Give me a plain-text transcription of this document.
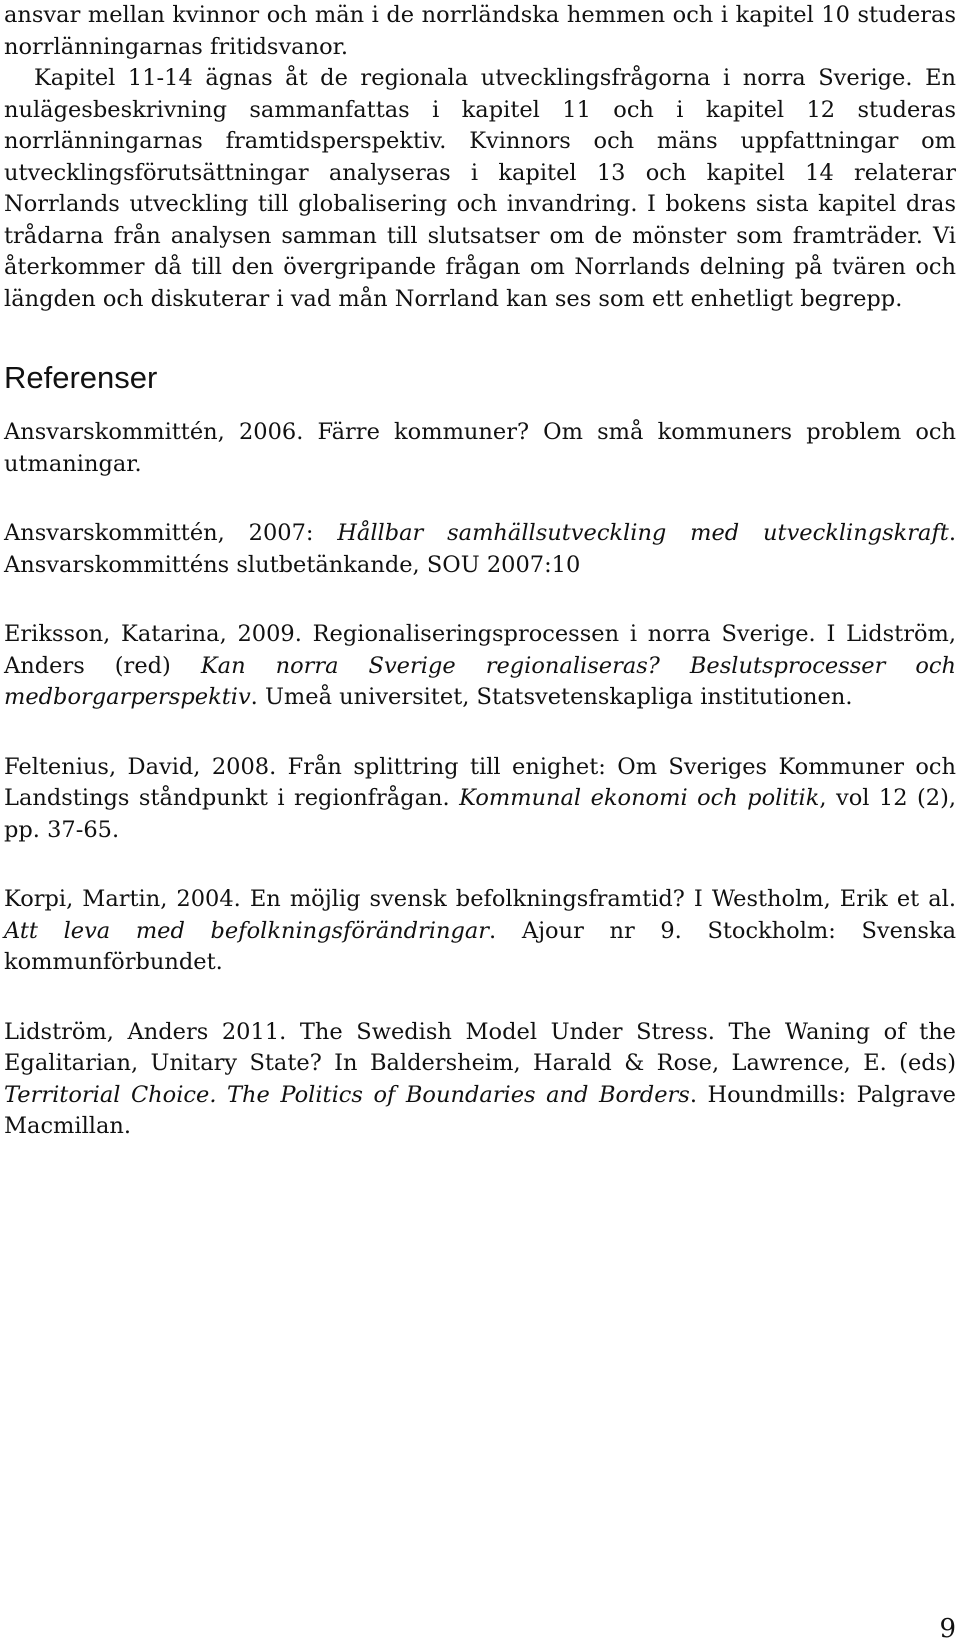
ansvar mellan kvinnor och män i de norrländska hemmen och i kapitel 10 studeras norrlänningarnas fritidsvanor.

Kapitel 11-14 ägnas åt de regionala utvecklingsfrågorna i norra Sverige. En nulägesbeskrivning sammanfattas i kapitel 11 och i kapitel 12 studeras norrlänningarnas framtidsperspektiv. Kvinnors och mäns uppfattningar om utvecklingsförutsättningar analyseras i kapitel 13 och kapitel 14 relaterar Norrlands utveckling till globalisering och invandring. I bokens sista kapitel dras trådarna från analysen samman till slutsatser om de mönster som framträder. Vi återkommer då till den övergripande frågan om Norrlands delning på tvären och längden och diskuterar i vad mån Norrland kan ses som ett enhetligt begrepp.

Referenser

Ansvarskommittén, 2006. Färre kommuner? Om små kommuners problem och utmaningar.

Ansvarskommittén, 2007: Hållbar samhällsutveckling med utvecklingskraft. Ansvarskommitténs slutbetänkande, SOU 2007:10

Eriksson, Katarina, 2009. Regionaliseringsprocessen i norra Sverige. I Lidström, Anders (red) Kan norra Sverige regionaliseras? Beslutsprocesser och medborgarperspektiv. Umeå universitet, Statsvetenskapliga institutionen.

Feltenius, David, 2008. Från splittring till enighet: Om Sveriges Kommuner och Landstings ståndpunkt i regionfrågan. Kommunal ekonomi och politik, vol 12 (2), pp. 37-65.

Korpi, Martin, 2004. En möjlig svensk befolkningsframtid? I Westholm, Erik et al. Att leva med befolkningsförändringar. Ajour nr 9. Stockholm: Svenska kommunförbundet.

Lidström, Anders 2011. The Swedish Model Under Stress. The Waning of the Egalitarian, Unitary State? In Baldersheim, Harald & Rose, Lawrence, E. (eds) Territorial Choice. The Politics of Boundaries and Borders. Houndmills: Palgrave Macmillan.

9
